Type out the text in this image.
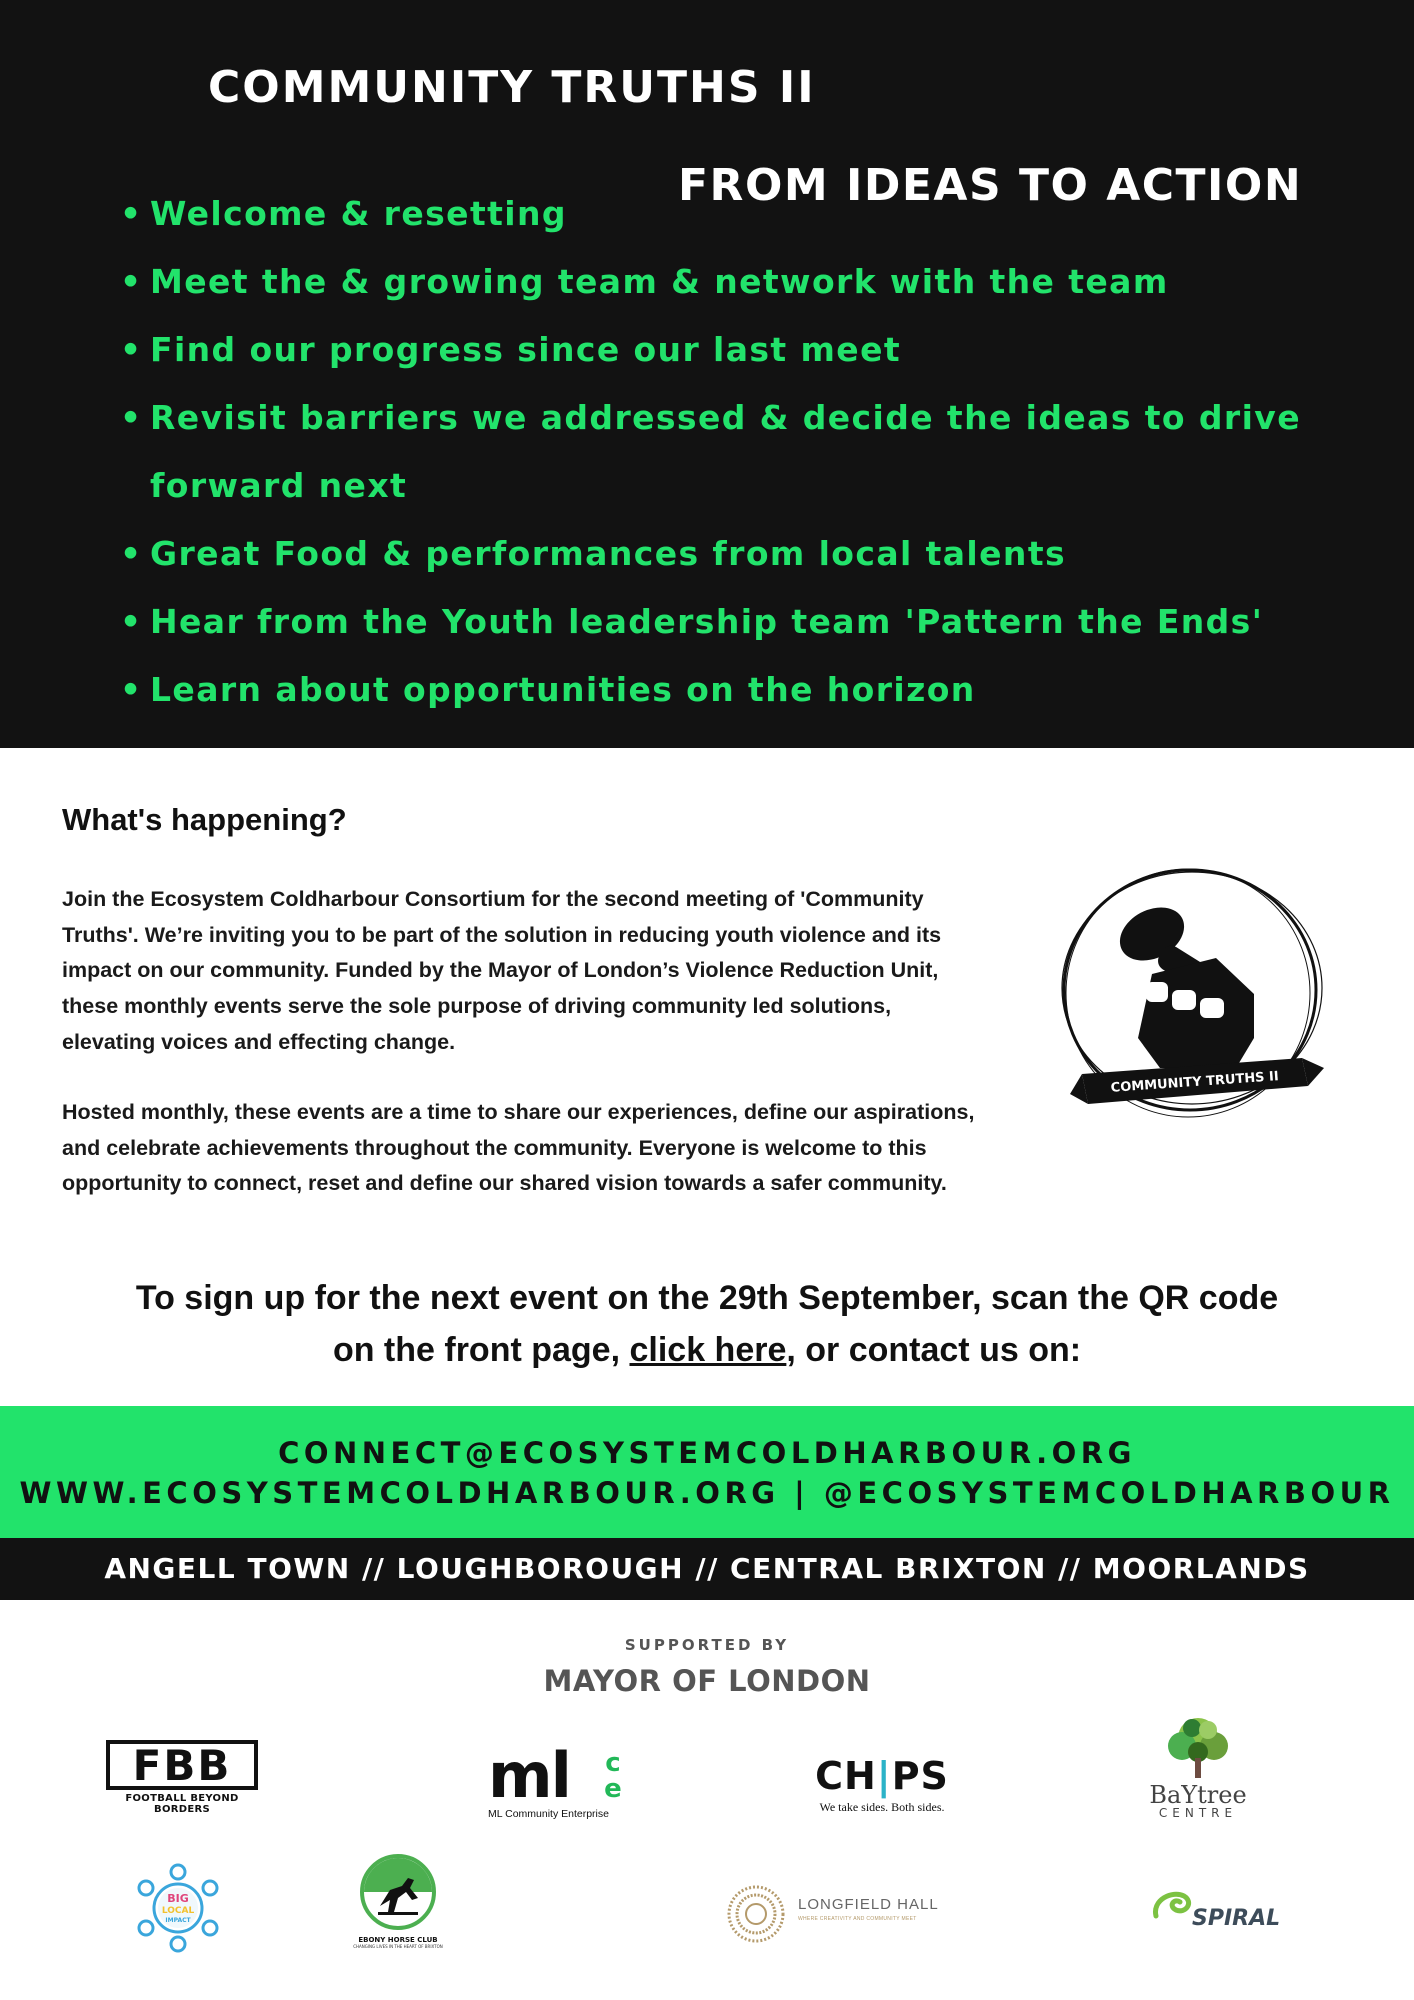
COMMUNITY TRUTHS II
FROM IDEAS TO ACTION
• Welcome & resetting
• Meet the & growing team & network with the team
• Find our progress since our last meet
• Revisit barriers we addressed & decide the ideas to drive
forward next
• Great Food & performances from local talents
• Hear from the Youth leadership team 'Pattern the Ends'
• Learn about opportunities on the horizon
What's happening?

Join the Ecosystem Coldharbour Consortium for the second meeting of 'Community Truths'. We’re inviting you to be part of the solution in reducing youth violence and its impact on our community. Funded by the Mayor of London’s Violence Reduction Unit, these monthly events serve the sole purpose of driving community led solutions, elevating voices and effecting change.

Hosted monthly, these events are a time to share our experiences, define our aspirations, and celebrate achievements throughout the community. Everyone is welcome to this opportunity to connect, reset and define our shared vision towards a safer community.

COMMUNITY TRUTHS II
To sign up for the next event on the 29th September, scan the QR code
on the front page, click here, or contact us on:
CONNECT@ECOSYSTEMCOLDHARBOUR.ORG
WWW.ECOSYSTEMCOLDHARBOUR.ORG | @ECOSYSTEMCOLDHARBOUR
ANGELL TOWN // LOUGHBOROUGH // CENTRAL BRIXTON // MOORLANDS
SUPPORTED BY
MAYOR OF LONDON
FBB
FOOTBALL BEYOND BORDERS	ml	c
e
ML Community Enterprise
CH|PS
We take sides. Both sides.	BaYtree
CENTRE
BIG
LOCAL
IMPACT
EBONY HORSE CLUB
CHANGING LIVES IN THE HEART OF BRIXTON
LONGFIELD HALL
WHERE CREATIVITY AND COMMUNITY MEET	SPIRAL
